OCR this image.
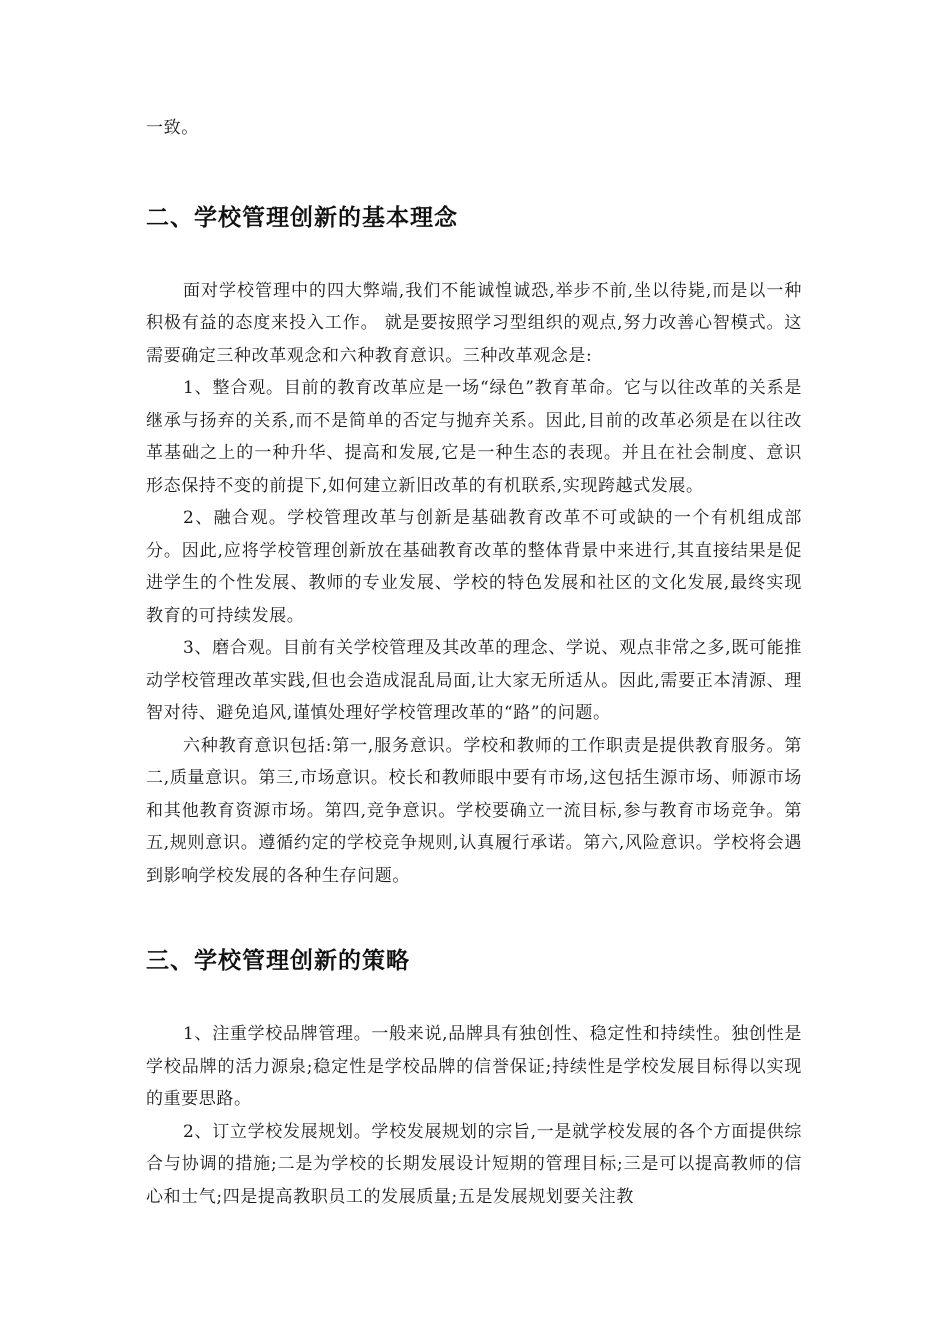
一致。

二、学校管理创新的基本理念

面对学校管理中的四大弊端,我们不能诚惶诚恐,举步不前,坐以待毙,而是以一种积极有益的态度来投入工作。 就是要按照学习型组织的观点,努力改善心智模式。这需要确定三种改革观念和六种教育意识。三种改革观念是:

1、整合观。目前的教育改革应是一场“绿色”教育革命。它与以往改革的关系是继承与扬弃的关系,而不是简单的否定与抛弃关系。因此,目前的改革必须是在以往改革基础之上的一种升华、提高和发展,它是一种生态的表现。并且在社会制度、意识形态保持不变的前提下,如何建立新旧改革的有机联系,实现跨越式发展。

2、融合观。学校管理改革与创新是基础教育改革不可或缺的一个有机组成部分。因此,应将学校管理创新放在基础教育改革的整体背景中来进行,其直接结果是促进学生的个性发展、教师的专业发展、学校的特色发展和社区的文化发展,最终实现教育的可持续发展。

3、磨合观。目前有关学校管理及其改革的理念、学说、观点非常之多,既可能推动学校管理改革实践,但也会造成混乱局面,让大家无所适从。因此,需要正本清源、理智对待、避免追风,谨慎处理好学校管理改革的“路”的问题。

六种教育意识包括:第一,服务意识。学校和教师的工作职责是提供教育服务。第二,质量意识。第三,市场意识。校长和教师眼中要有市场,这包括生源市场、师源市场和其他教育资源市场。第四,竞争意识。学校要确立一流目标,参与教育市场竞争。第五,规则意识。遵循约定的学校竞争规则,认真履行承诺。第六,风险意识。学校将会遇到影响学校发展的各种生存问题。

三、学校管理创新的策略

1、注重学校品牌管理。一般来说,品牌具有独创性、稳定性和持续性。独创性是学校品牌的活力源泉;稳定性是学校品牌的信誉保证;持续性是学校发展目标得以实现的重要思路。

2、订立学校发展规划。学校发展规划的宗旨,一是就学校发展的各个方面提供综合与协调的措施;二是为学校的长期发展设计短期的管理目标;三是可以提高教师的信心和士气;四是提高教职员工的发展质量;五是发展规划要关注教
